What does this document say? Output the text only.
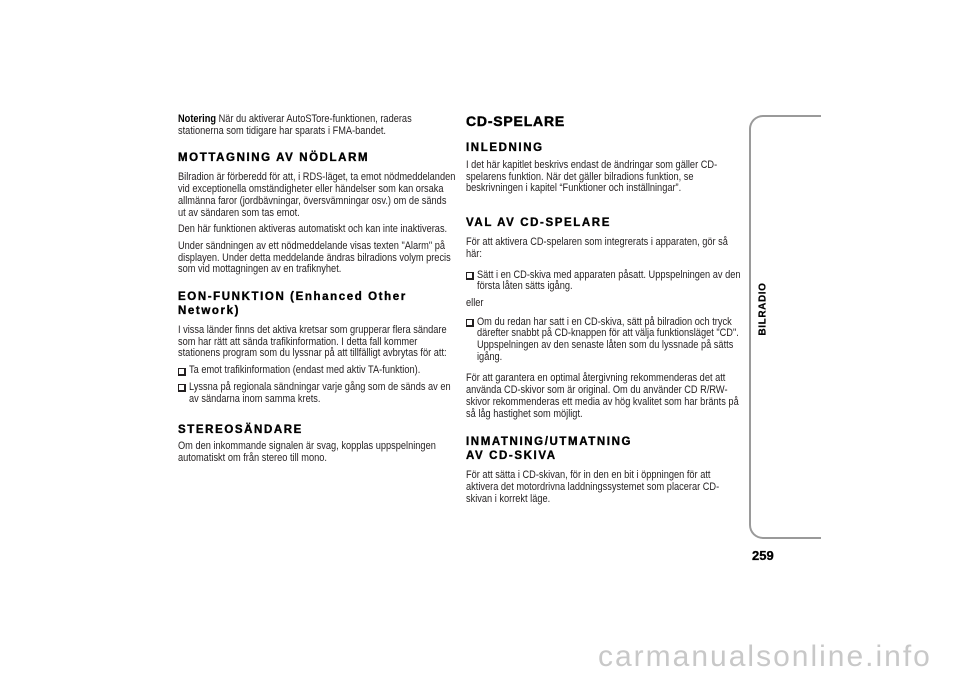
Notering När du aktiverar AutoSTore-funktionen, raderas stationerna som tidigare har sparats i FMA-bandet.

MOTTAGNING AV NÖDLARM

Bilradion är förberedd för att, i RDS-läget, ta emot nödmeddelanden vid exceptionella omständigheter eller händelser som kan orsaka allmänna faror (jordbävningar, översvämningar osv.) om de sänds ut av sändaren som tas emot.

Den här funktionen aktiveras automatiskt och kan inte inaktiveras.

Under sändningen av ett nödmeddelande visas texten "Alarm" på displayen. Under detta meddelande ändras bilradions volym precis som vid mottagningen av en trafiknyhet.

EON-FUNKTION (Enhanced Other
Network)

I vissa länder finns det aktiva kretsar som grupperar flera sändare som har rätt att sända trafikinformation. I detta fall kommer stationens program som du lyssnar på att tillfälligt avbrytas för att:

Ta emot trafikinformation (endast med aktiv TA-funktion).

Lyssna på regionala sändningar varje gång som de sänds av en av sändarna inom samma krets.

STEREOSÄNDARE

Om den inkommande signalen är svag, kopplas uppspelningen automatiskt om från stereo till mono.

CD-SPELARE
INLEDNING

I det här kapitlet beskrivs endast de ändringar som gäller CD-spelarens funktion. När det gäller bilradions funktion, se beskrivningen i kapitel “Funktioner och inställningar”.

VAL AV CD-SPELARE

För att aktivera CD-spelaren som integrerats i apparaten, gör så här:

Sätt i en CD-skiva med apparaten påsatt. Uppspelningen av den första låten sätts igång.

eller

Om du redan har satt i en CD-skiva, sätt på bilradion och tryck därefter snabbt på CD-knappen för att välja funktionsläget "CD". Uppspelningen av den senaste låten som du lyssnade på sätts igång.

För att garantera en optimal återgivning rekommenderas det att använda CD-skivor som är original. Om du använder CD R/RW-skivor rekommenderas ett media av hög kvalitet som har bränts på så låg hastighet som möjligt.

INMATNING/UTMATNING
AV CD-SKIVA

För att sätta i CD-skivan, för in den en bit i öppningen för att aktivera det motordrivna laddningssystemet som placerar CD-skivan i korrekt läge.

BILRADIO
259
carmanualsonline.info
